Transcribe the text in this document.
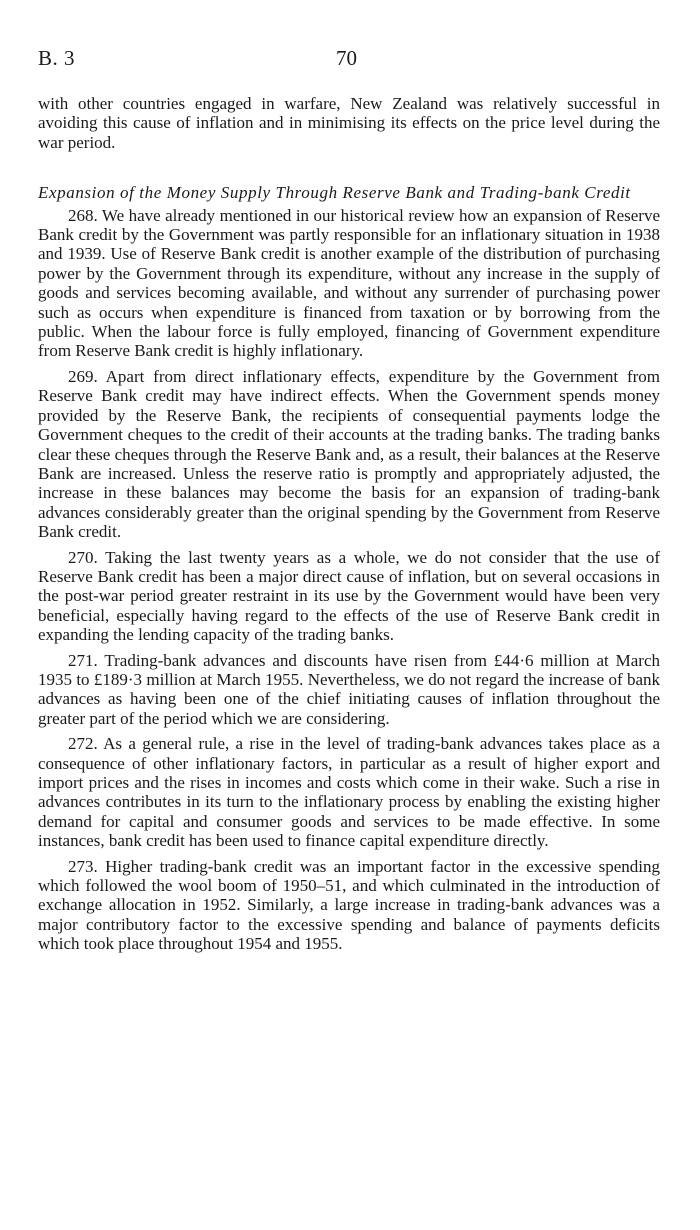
B. 3	70

with other countries engaged in warfare, New Zealand was relatively successful in avoiding this cause of inflation and in minimising its effects on the price level during the war period.

Expansion of the Money Supply Through Reserve Bank and Trading-bank Credit

268. We have already mentioned in our historical review how an expansion of Reserve Bank credit by the Government was partly responsible for an inflationary situation in 1938 and 1939. Use of Reserve Bank credit is another example of the distribution of purchasing power by the Government through its expenditure, without any increase in the supply of goods and services becoming available, and without any surrender of purchasing power such as occurs when expenditure is financed from taxation or by borrowing from the public. When the labour force is fully employed, financing of Government expenditure from Reserve Bank credit is highly inflationary.

269. Apart from direct inflationary effects, expenditure by the Government from Reserve Bank credit may have indirect effects. When the Government spends money provided by the Reserve Bank, the recipients of consequential payments lodge the Government cheques to the credit of their accounts at the trading banks. The trading banks clear these cheques through the Reserve Bank and, as a result, their balances at the Reserve Bank are increased. Unless the reserve ratio is promptly and appropriately adjusted, the increase in these balances may become the basis for an expansion of trading-bank advances considerably greater than the original spending by the Government from Reserve Bank credit.

270. Taking the last twenty years as a whole, we do not consider that the use of Reserve Bank credit has been a major direct cause of inflation, but on several occasions in the post-war period greater restraint in its use by the Government would have been very beneficial, especially having regard to the effects of the use of Reserve Bank credit in expanding the lending capacity of the trading banks.

271. Trading-bank advances and discounts have risen from £44·6 million at March 1935 to £189·3 million at March 1955. Nevertheless, we do not regard the increase of bank advances as having been one of the chief initiating causes of inflation throughout the greater part of the period which we are considering.

272. As a general rule, a rise in the level of trading-bank advances takes place as a consequence of other inflationary factors, in particular as a result of higher export and import prices and the rises in incomes and costs which come in their wake. Such a rise in advances contributes in its turn to the inflationary process by enabling the existing higher demand for capital and consumer goods and services to be made effective. In some instances, bank credit has been used to finance capital expenditure directly.

273. Higher trading-bank credit was an important factor in the excessive spending which followed the wool boom of 1950–51, and which culminated in the introduction of exchange allocation in 1952. Similarly, a large increase in trading-bank advances was a major contributory factor to the excessive spending and balance of payments deficits which took place throughout 1954 and 1955.
